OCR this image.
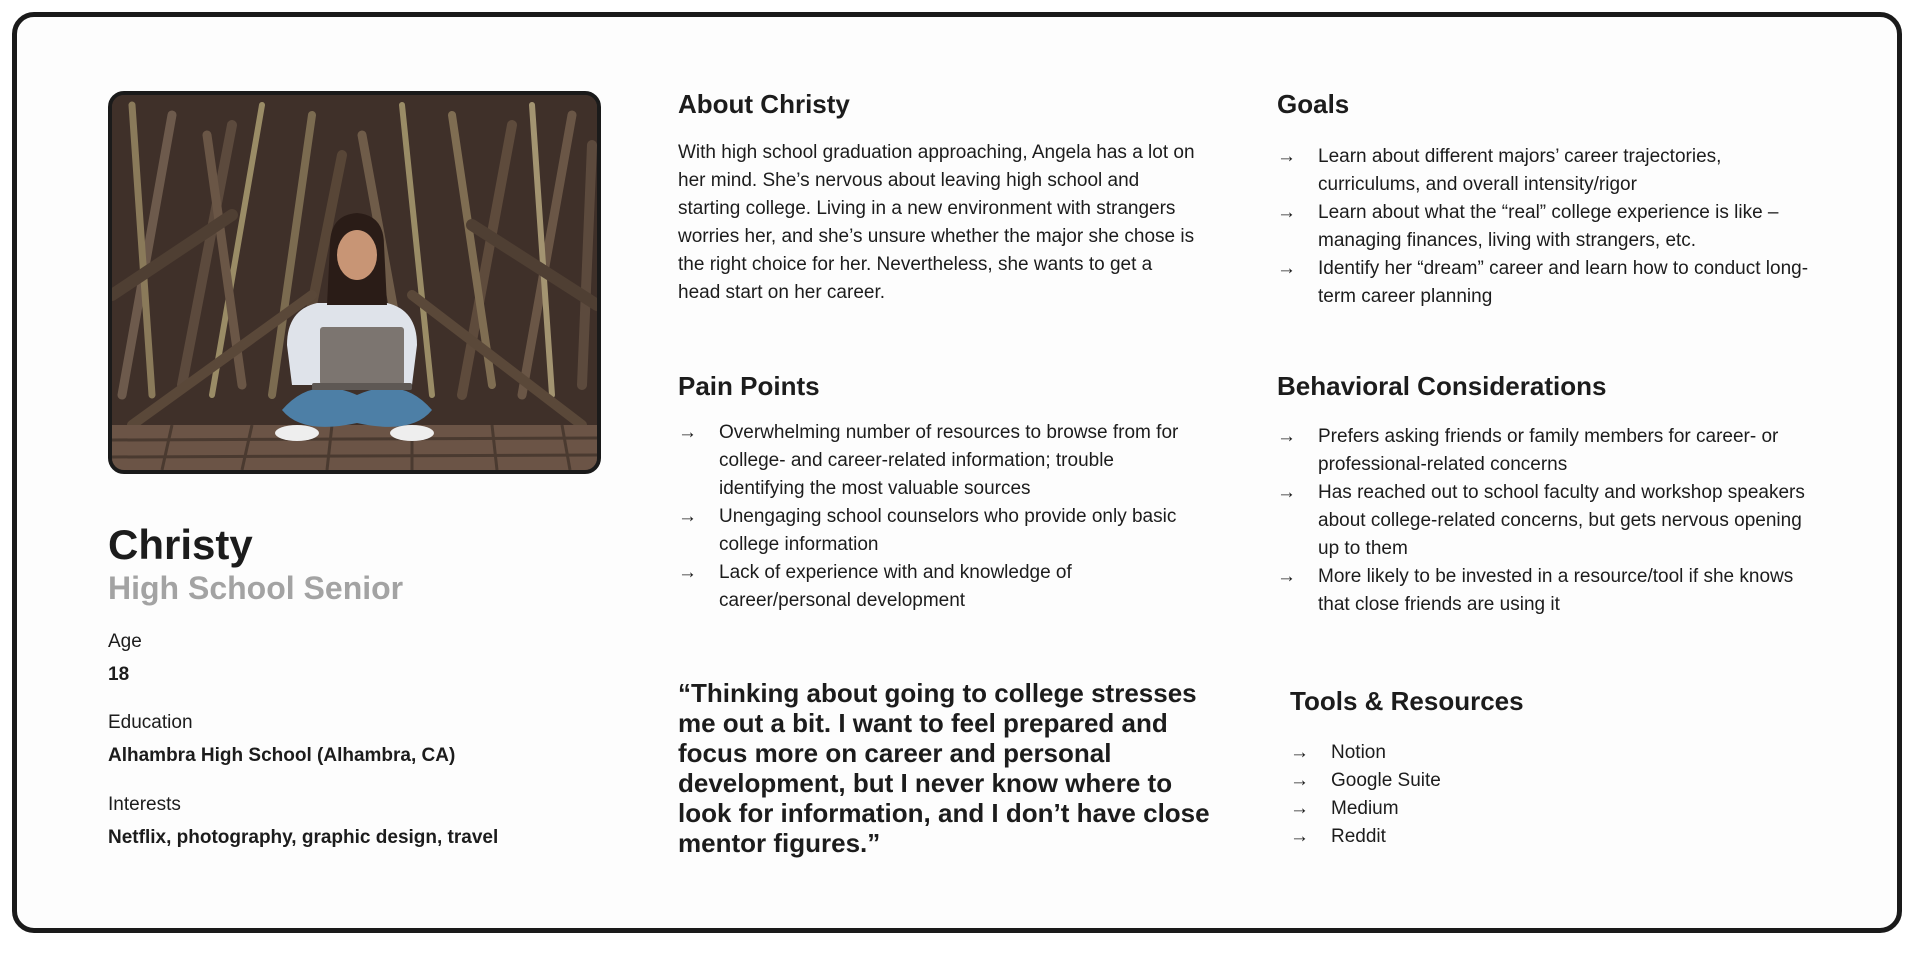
Christy
High School Senior
Age
18
Education
Alhambra High School (Alhambra, CA)
Interests
Netflix, photography, graphic design, travel
About Christy

With high school graduation approaching, Angela has a lot on her mind. She’s nervous about leaving high school and starting college. Living in a new environment with strangers worries her, and she’s unsure whether the major she chose is the right choice for her. Nevertheless, she wants to get a head start on her career.

Goals
→ Learn about different majors’ career trajectories, curriculums, and overall intensity/rigor
→ Learn about what the “real” college experience is like – managing finances, living with strangers, etc.
→ Identify her “dream” career and learn how to conduct long-term career planning
Pain Points
→ Overwhelming number of resources to browse from for college- and career-related information; trouble identifying the most valuable sources
→ Unengaging school counselors who provide only basic college information
→ Lack of experience with and knowledge of career/personal development
Behavioral Considerations
→ Prefers asking friends or family members for career- or professional-related concerns
→ Has reached out to school faculty and workshop speakers about college-related concerns, but gets nervous opening up to them
→ More likely to be invested in a resource/tool if she knows that close friends are using it

“Thinking about going to college stresses me out a bit. I want to feel prepared and focus more on career and personal development, but I never know where to look for information, and I don’t have close mentor figures.”

Tools & Resources
→ Notion
→ Google Suite
→ Medium
→ Reddit
